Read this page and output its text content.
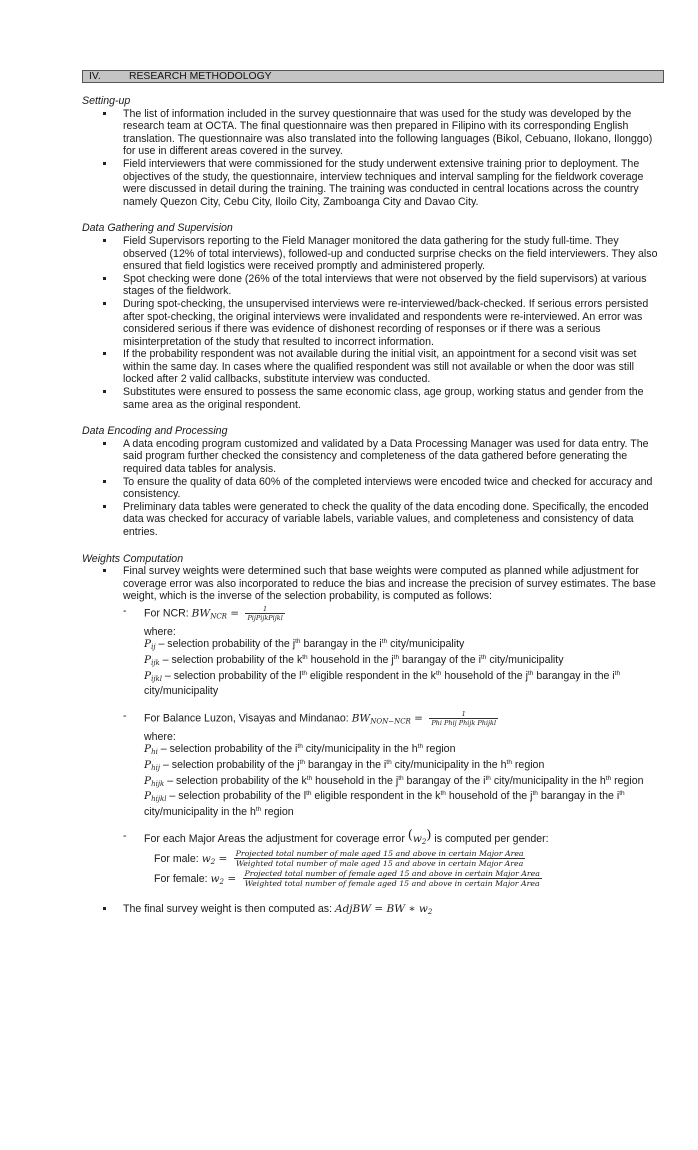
IV.	RESEARCH METHODOLOGY
Setting-up
The list of information included in the survey questionnaire that was used for the study was developed by the research team at OCTA. The final questionnaire was then prepared in Filipino with its corresponding English translation. The questionnaire was also translated into the following languages (Bikol, Cebuano, Ilokano, Ilonggo) for use in different areas covered in the survey.
Field interviewers that were commissioned for the study underwent extensive training prior to deployment. The objectives of the study, the questionnaire, interview techniques and interval sampling for the fieldwork coverage were discussed in detail during the training. The training was conducted in central locations across the country namely Quezon City, Cebu City, Iloilo City, Zamboanga City and Davao City.
Data Gathering and Supervision
Field Supervisors reporting to the Field Manager monitored the data gathering for the study full-time. They observed (12% of total interviews), followed-up and conducted surprise checks on the field interviewers. They also ensured that field logistics were received promptly and administered properly.
Spot checking were done (26% of the total interviews that were not observed by the field supervisors) at various stages of the fieldwork.
During spot-checking, the unsupervised interviews were re-interviewed/back-checked. If serious errors persisted after spot-checking, the original interviews were invalidated and respondents were re-interviewed. An error was considered serious if there was evidence of dishonest recording of responses or if there was a serious misinterpretation of the study that resulted to incorrect information.
If the probability respondent was not available during the initial visit, an appointment for a second visit was set within the same day. In cases where the qualified respondent was still not available or when the door was still locked after 2 valid callbacks, substitute interview was conducted.
Substitutes were ensured to possess the same economic class, age group, working status and gender from the same area as the original respondent.
Data Encoding and Processing
A data encoding program customized and validated by a Data Processing Manager was used for data entry. The said program further checked the consistency and completeness of the data gathered before generating the required data tables for analysis.
To ensure the quality of data 60% of the completed interviews were encoded twice and checked for accuracy and consistency.
Preliminary data tables were generated to check the quality of the data encoding done. Specifically, the encoded data was checked for accuracy of variable labels, variable values, and completeness and consistency of data entries.
Weights Computation
Final survey weights were determined such that base weights were computed as planned while adjustment for coverage error was also incorporated to reduce the bias and increase the precision of survey estimates. The base weight, which is the inverse of the selection probability, is computed as follows:
- For NCR: BWNCR = $\frac{1}{\text{PijPijkPijkl}}$
where:
Pij – selection probability of the $j^{th}$ barangay in the $i^{th}$ city/municipality
Pijk – selection probability of the $k^{th}$ household in the $j^{th}$ barangay of the $i^{th}$ city/municipality
Pijkl – selection probability of the $l^{th}$ eligible respondent in the $k^{th}$ household of the $j^{th}$ barangay in the $i^{th}$ city/municipality
- For Balance Luzon, Visayas and Mindanao: BWNON−NCR = $\frac{1}{\text{Phi Phij Phijk Phijkl}}$
where:
Phi – selection probability of the $i^{th}$ city/municipality in the $h^{th}$ region
Phij – selection probability of the $j^{th}$ barangay in the $i^{th}$ city/municipality in the $h^{th}$ region
Phijk – selection probability of the $k^{th}$ household in the $j^{th}$ barangay of the $i^{th}$ city/municipality in the $h^{th}$ region
Phijkl – selection probability of the $l^{th}$ eligible respondent in the $k^{th}$ household of the $j^{th}$ barangay in the $i^{th}$ city/municipality in the $h^{th}$ region
- For each Major Areas the adjustment for coverage error (w2) is computed per gender:
For male: w2 = Projected total number of male aged 15 and above in certain Major Area
Weighted total number of male aged 15 and above in certain Major Area
For female: w2 = Projected total number of female aged 15 and above in certain Major Area
Weighted total number of female aged 15 and above in certain Major Area
The final survey weight is then computed as: AdjBW = BW ∗ w2
